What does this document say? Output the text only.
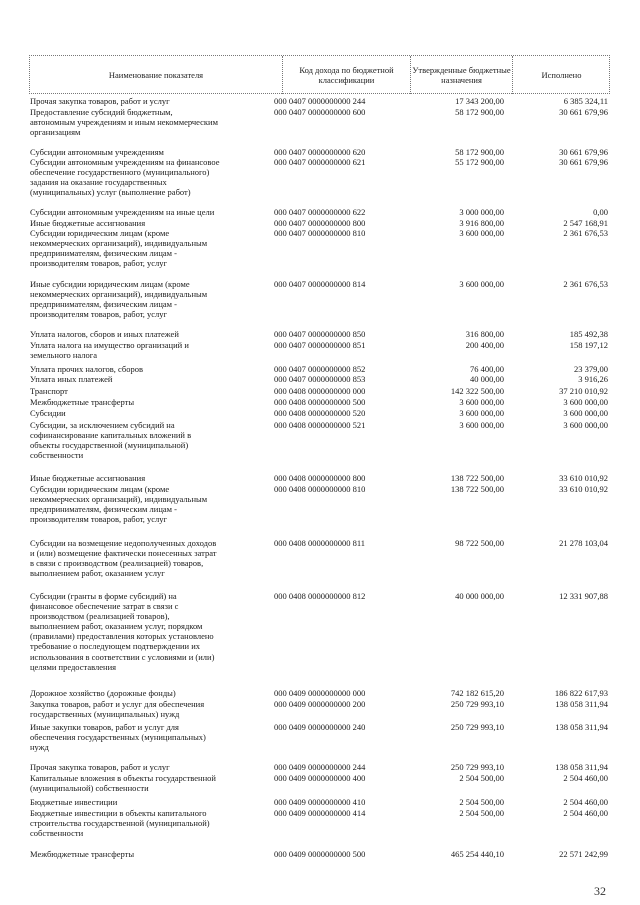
Наименование показателя	Код дохода по бюджетной классификации
Утвержденные бюджетные назначения	Исполнено
Прочая закупка товаров, работ и услуг	000 0407 0000000000 244	17 343 200,00	6 385 324,11
Предоставление субсидий бюджетным,
автономным учреждениям и иным некоммерческим
организациям
000 0407 0000000000 600	58 172 900,00	30 661 679,96
Субсидии автономным учреждениям	000 0407 0000000000 620	58 172 900,00	30 661 679,96
Субсидии автономным учреждениям на финансовое
обеспечение государственного (муниципального)
задания на оказание государственных
(муниципальных) услуг (выполнение работ)
000 0407 0000000000 621	55 172 900,00	30 661 679,96
Субсидии автономным учреждениям на иные цели	000 0407 0000000000 622	3 000 000,00	0,00
Иные бюджетные ассигнования	000 0407 0000000000 800	3 916 800,00	2 547 168,91
Субсидии юридическим лицам (кроме
некоммерческих организаций), индивидуальным
предпринимателям, физическим лицам -
производителям товаров, работ, услуг
000 0407 0000000000 810	3 600 000,00	2 361 676,53
Иные субсидии юридическим лицам (кроме
некоммерческих организаций), индивидуальным
предпринимателям, физическим лицам -
производителям товаров, работ, услуг
000 0407 0000000000 814	3 600 000,00	2 361 676,53
Уплата налогов, сборов и иных платежей	000 0407 0000000000 850	316 800,00	185 492,38
Уплата налога на имущество организаций и
земельного налога
000 0407 0000000000 851	200 400,00	158 197,12
Уплата прочих налогов, сборов	000 0407 0000000000 852	76 400,00	23 379,00
Уплата иных платежей	000 0407 0000000000 853	40 000,00	3 916,26
Транспорт	000 0408 0000000000 000	142 322 500,00	37 210 010,92
Межбюджетные трансферты	000 0408 0000000000 500	3 600 000,00	3 600 000,00
Субсидии	000 0408 0000000000 520	3 600 000,00	3 600 000,00
Субсидии, за исключением субсидий на
софинансирование капитальных вложений в
объекты государственной (муниципальной)
собственности
000 0408 0000000000 521	3 600 000,00	3 600 000,00
Иные бюджетные ассигнования	000 0408 0000000000 800	138 722 500,00	33 610 010,92
Субсидии юридическим лицам (кроме
некоммерческих организаций), индивидуальным
предпринимателям, физическим лицам -
производителям товаров, работ, услуг
000 0408 0000000000 810	138 722 500,00	33 610 010,92
Субсидии на возмещение недополученных доходов
и (или) возмещение фактически понесенных затрат
в связи с производством (реализацией) товаров,
выполнением работ, оказанием услуг
000 0408 0000000000 811	98 722 500,00	21 278 103,04
Субсидии (гранты в форме субсидий) на
финансовое обеспечение затрат в связи с
производством (реализацией товаров),
выполнением работ, оказанием услуг, порядком
(правилами) предоставления которых установлено
требование о последующем подтверждении их
использования в соответствии с условиями и (или)
целями предоставления
000 0408 0000000000 812	40 000 000,00	12 331 907,88
Дорожное хозяйство (дорожные фонды)	000 0409 0000000000 000	742 182 615,20	186 822 617,93
Закупка товаров, работ и услуг для обеспечения
государственных (муниципальных) нужд
000 0409 0000000000 200	250 729 993,10	138 058 311,94
Иные закупки товаров, работ и услуг для
обеспечения государственных (муниципальных)
нужд
000 0409 0000000000 240	250 729 993,10	138 058 311,94
Прочая закупка товаров, работ и услуг	000 0409 0000000000 244	250 729 993,10	138 058 311,94
Капитальные вложения в объекты государственной
(муниципальной) собственности
000 0409 0000000000 400	2 504 500,00	2 504 460,00
Бюджетные инвестиции	000 0409 0000000000 410	2 504 500,00	2 504 460,00
Бюджетные инвестиции в объекты капитального
строительства государственной (муниципальной)
собственности
000 0409 0000000000 414	2 504 500,00	2 504 460,00
Межбюджетные трансферты	000 0409 0000000000 500	465 254 440,10	22 571 242,99
32
